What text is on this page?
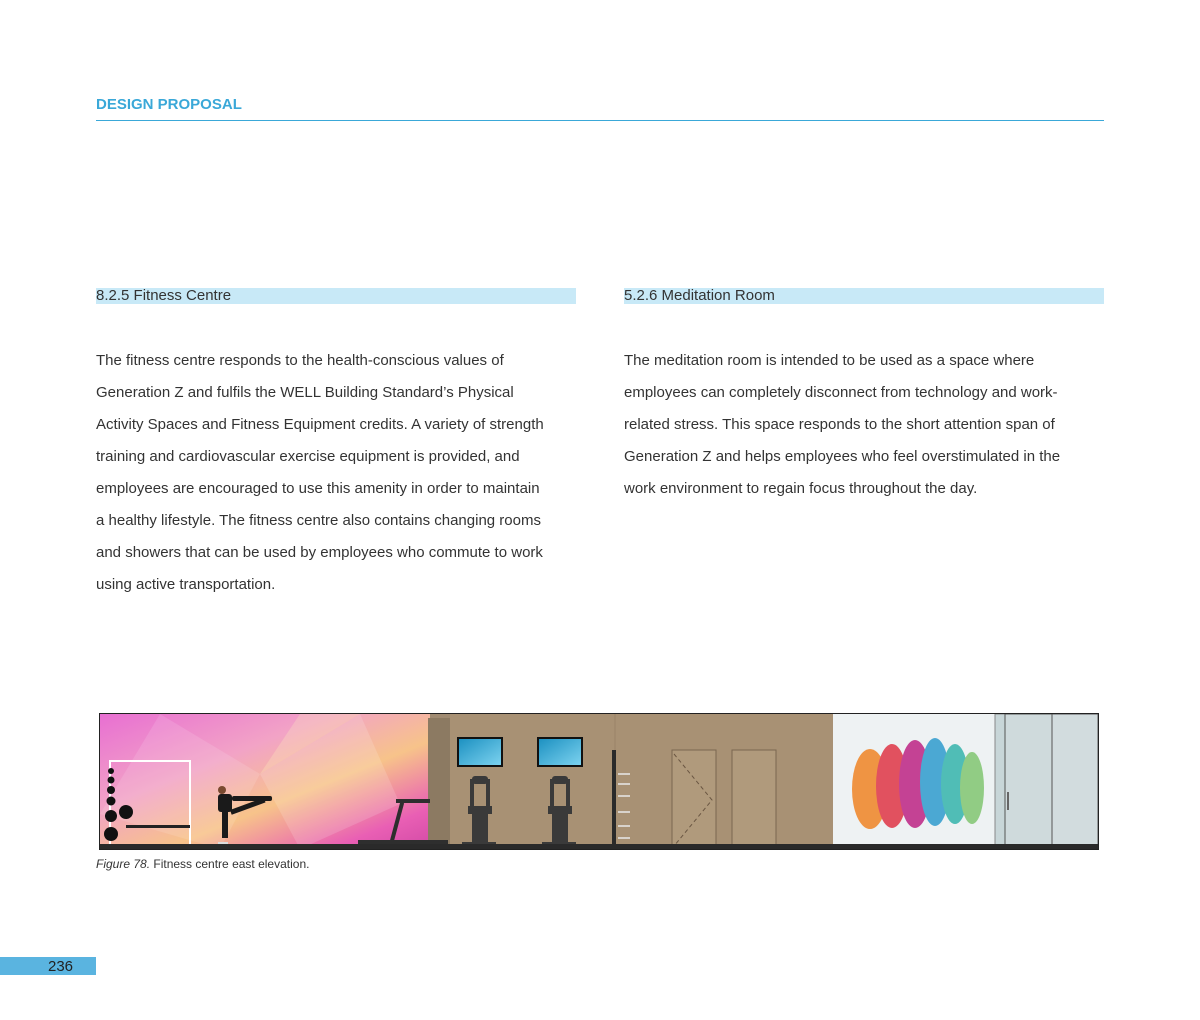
DESIGN PROPOSAL
8.2.5 Fitness Centre	5.2.6 Meditation Room

The fitness centre responds to the health-conscious values of
Generation Z and fulfils the WELL Building Standard’s Physical
Activity Spaces and Fitness Equipment credits. A variety of strength
training and cardiovascular exercise equipment is provided, and
employees are encouraged to use this amenity in order to maintain
a healthy lifestyle. The fitness centre also contains changing rooms
and showers that can be used by employees who commute to work
using active transportation.

The meditation room is intended to be used as a space where
employees can completely disconnect from technology and work-
related stress. This space responds to the short attention span of
Generation Z and helps employees who feel overstimulated in the
work environment to regain focus throughout the day.

Figure 78. Fitness centre east elevation.
236
